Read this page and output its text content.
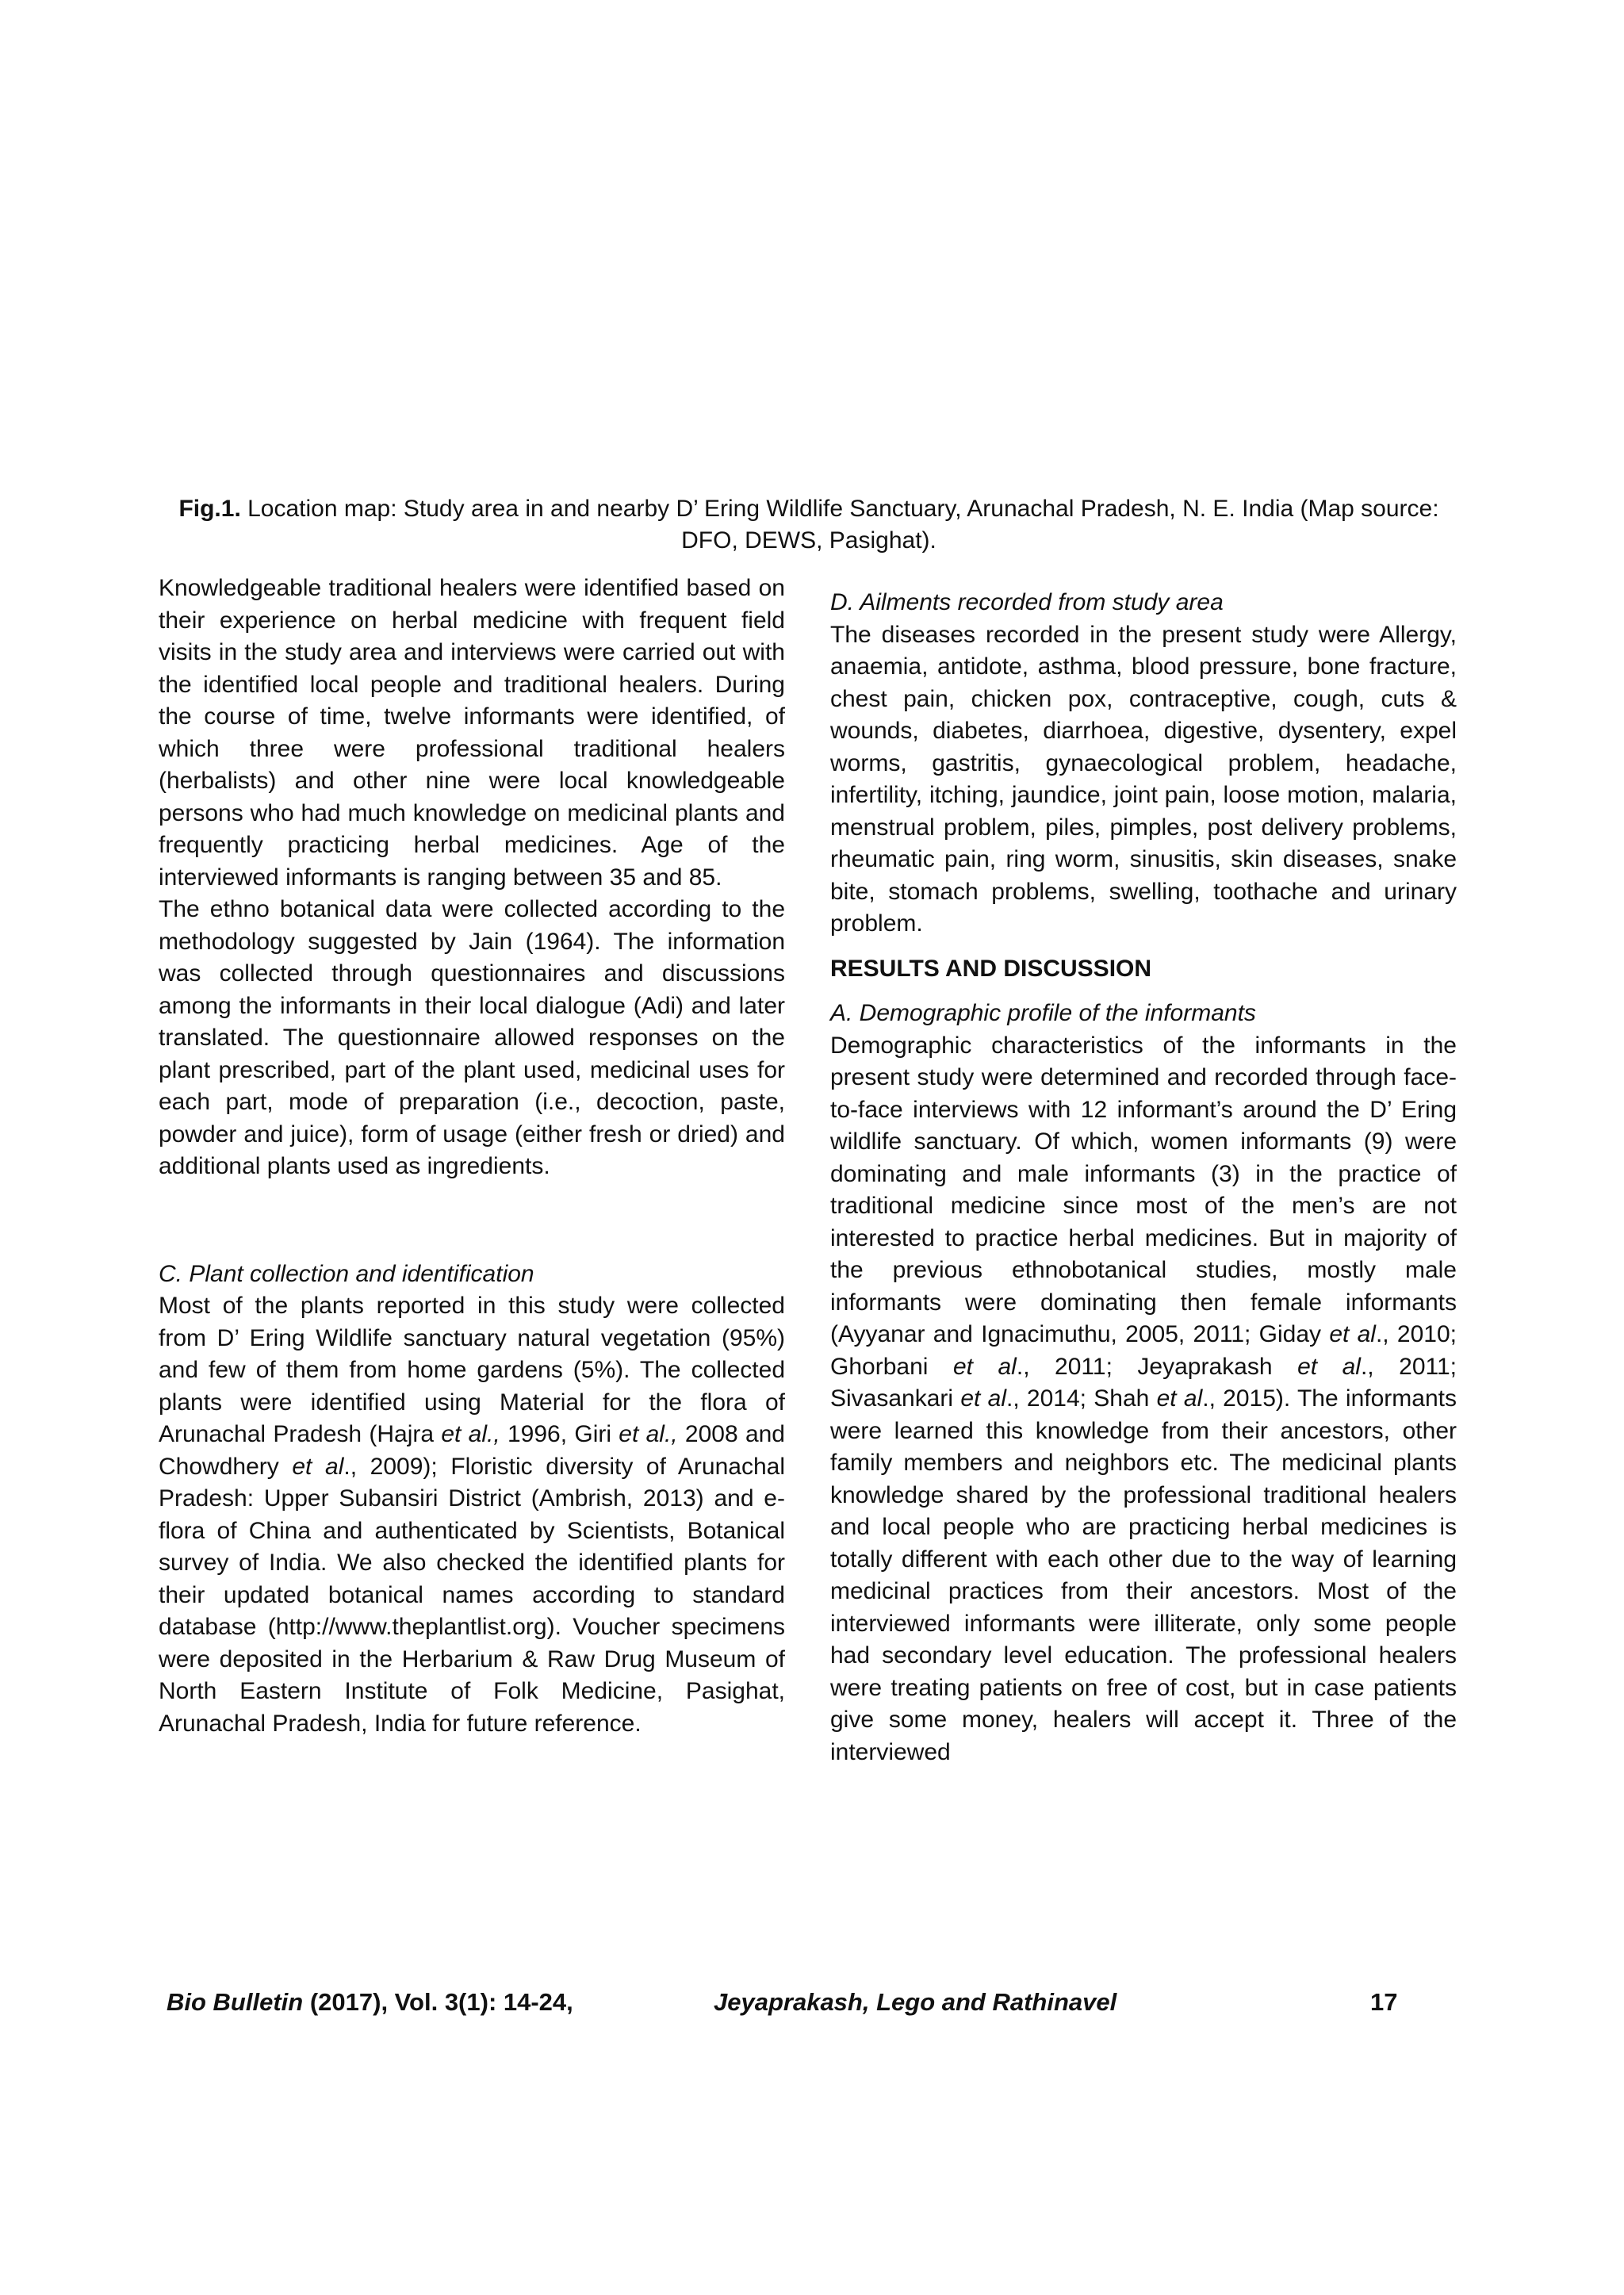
Fig.1. Location map: Study area in and nearby D’ Ering Wildlife Sanctuary, Arunachal Pradesh, N. E. India (Map source: DFO, DEWS, Pasighat).

Knowledgeable traditional healers were identified based on their experience on herbal medicine with frequent field visits in the study area and interviews were carried out with the identified local people and traditional healers. During the course of time, twelve informants were identified, of which three were professional traditional healers (herbalists) and other nine were local knowledgeable persons who had much knowledge on medicinal plants and frequently practicing herbal medicines. Age of the interviewed informants is ranging between 35 and 85.

The ethno botanical data were collected according to the methodology suggested by Jain (1964). The information was collected through questionnaires and discussions among the informants in their local dialogue (Adi) and later translated. The questionnaire allowed responses on the plant prescribed, part of the plant used, medicinal uses for each part, mode of preparation (i.e., decoction, paste, powder and juice), form of usage (either fresh or dried) and additional plants used as ingredients.

C. Plant collection and identification

Most of the plants reported in this study were collected from D’ Ering Wildlife sanctuary natural vegetation (95%) and few of them from home gardens (5%). The collected plants were identified using Material for the flora of Arunachal Pradesh (Hajra et al., 1996, Giri et al., 2008 and Chowdhery et al., 2009); Floristic diversity of Arunachal Pradesh: Upper Subansiri District (Ambrish, 2013) and e-flora of China and authenticated by Scientists, Botanical survey of India. We also checked the identified plants for their updated botanical names according to standard database (http://www.theplantlist.org). Voucher specimens were deposited in the Herbarium & Raw Drug Museum of North Eastern Institute of Folk Medicine, Pasighat, Arunachal Pradesh, India for future reference.

D. Ailments recorded from study area

The diseases recorded in the present study were Allergy, anaemia, antidote, asthma, blood pressure, bone fracture, chest pain, chicken pox, contraceptive, cough, cuts & wounds, diabetes, diarrhoea, digestive, dysentery, expel worms, gastritis, gynaecological problem, headache, infertility, itching, jaundice, joint pain, loose motion, malaria, menstrual problem, piles, pimples, post delivery problems, rheumatic pain, ring worm, sinusitis, skin diseases, snake bite, stomach problems, swelling, toothache and urinary problem.

RESULTS AND DISCUSSION

A. Demographic profile of the informants

Demographic characteristics of the informants in the present study were determined and recorded through face-to-face interviews with 12 informant’s around the D’ Ering wildlife sanctuary. Of which, women informants (9) were dominating and male informants (3) in the practice of traditional medicine since most of the men’s are not interested to practice herbal medicines. But in majority of the previous ethnobotanical studies, mostly male informants were dominating then female informants (Ayyanar and Ignacimuthu, 2005, 2011; Giday et al., 2010; Ghorbani et al., 2011; Jeyaprakash et al., 2011; Sivasankari et al., 2014; Shah et al., 2015). The informants were learned this knowledge from their ancestors, other family members and neighbors etc. The medicinal plants knowledge shared by the professional traditional healers and local people who are practicing herbal medicines is totally different with each other due to the way of learning medicinal practices from their ancestors. Most of the interviewed informants were illiterate, only some people had secondary level education. The professional healers were treating patients on free of cost, but in case patients give some money, healers will accept it. Three of the interviewed

Bio Bulletin (2017), Vol. 3(1): 14-24,	Jeyaprakash, Lego and Rathinavel	17
